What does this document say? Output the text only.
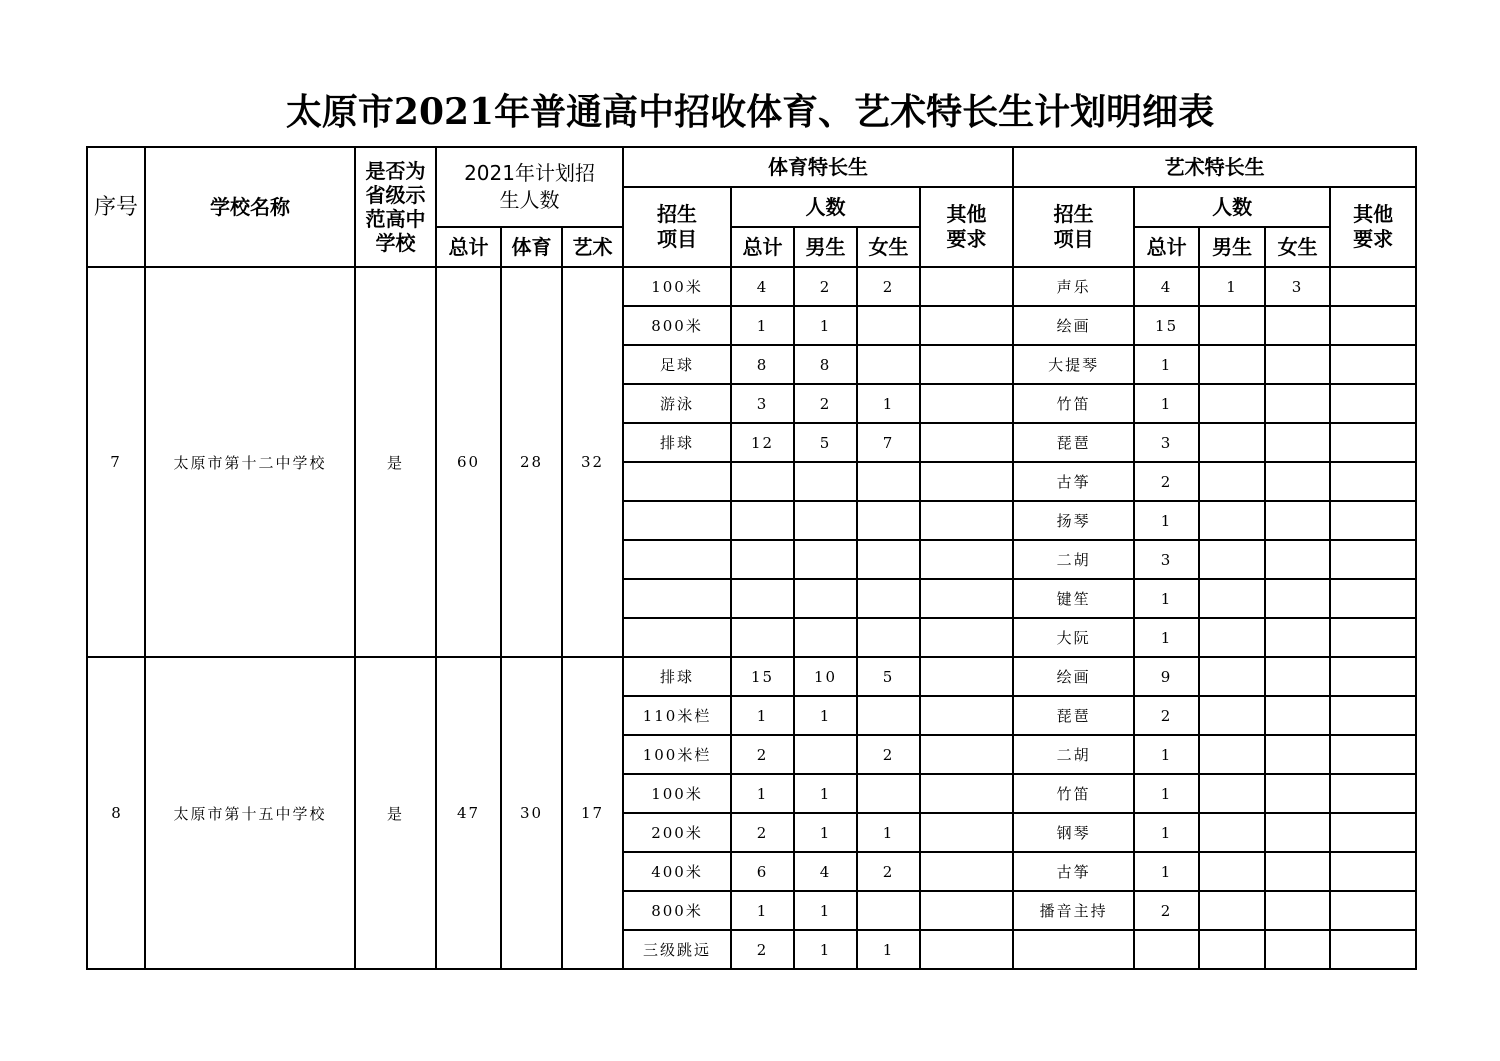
太原市2021年普通高中招收体育、艺术特长生计划明细表
序号	学校名称	是否为省级示范高中学校	2021年计划招生人数			体育特长生					艺术特长生				

						招生项目	人数			其他要求	招生项目	人数			其他要求

			总计	体育	艺术		总计	男生	女生			总计	男生	女生	
7	太原市第十二中学校	是	60	28	32	100米	4	2	2		声乐	4	1	3	
						800米	1	1			绘画	15			
						足球	8	8			大提琴	1			
						游泳	3	2	1		竹笛	1			
						排球	12	5	7		琵琶	3			
											古筝	2			
											扬琴	1			
											二胡	3			
											键笙	1			
											大阮	1			
8	太原市第十五中学校	是	47	30	17	排球	15	10	5		绘画	9			
						110米栏	1	1			琵琶	2			
						100米栏	2		2		二胡	1			
						100米	1	1			竹笛	1			
						200米	2	1	1		钢琴	1			
						400米	6	4	2		古筝	1			
						800米	1	1			播音主持	2			
						三级跳远	2	1	1						
